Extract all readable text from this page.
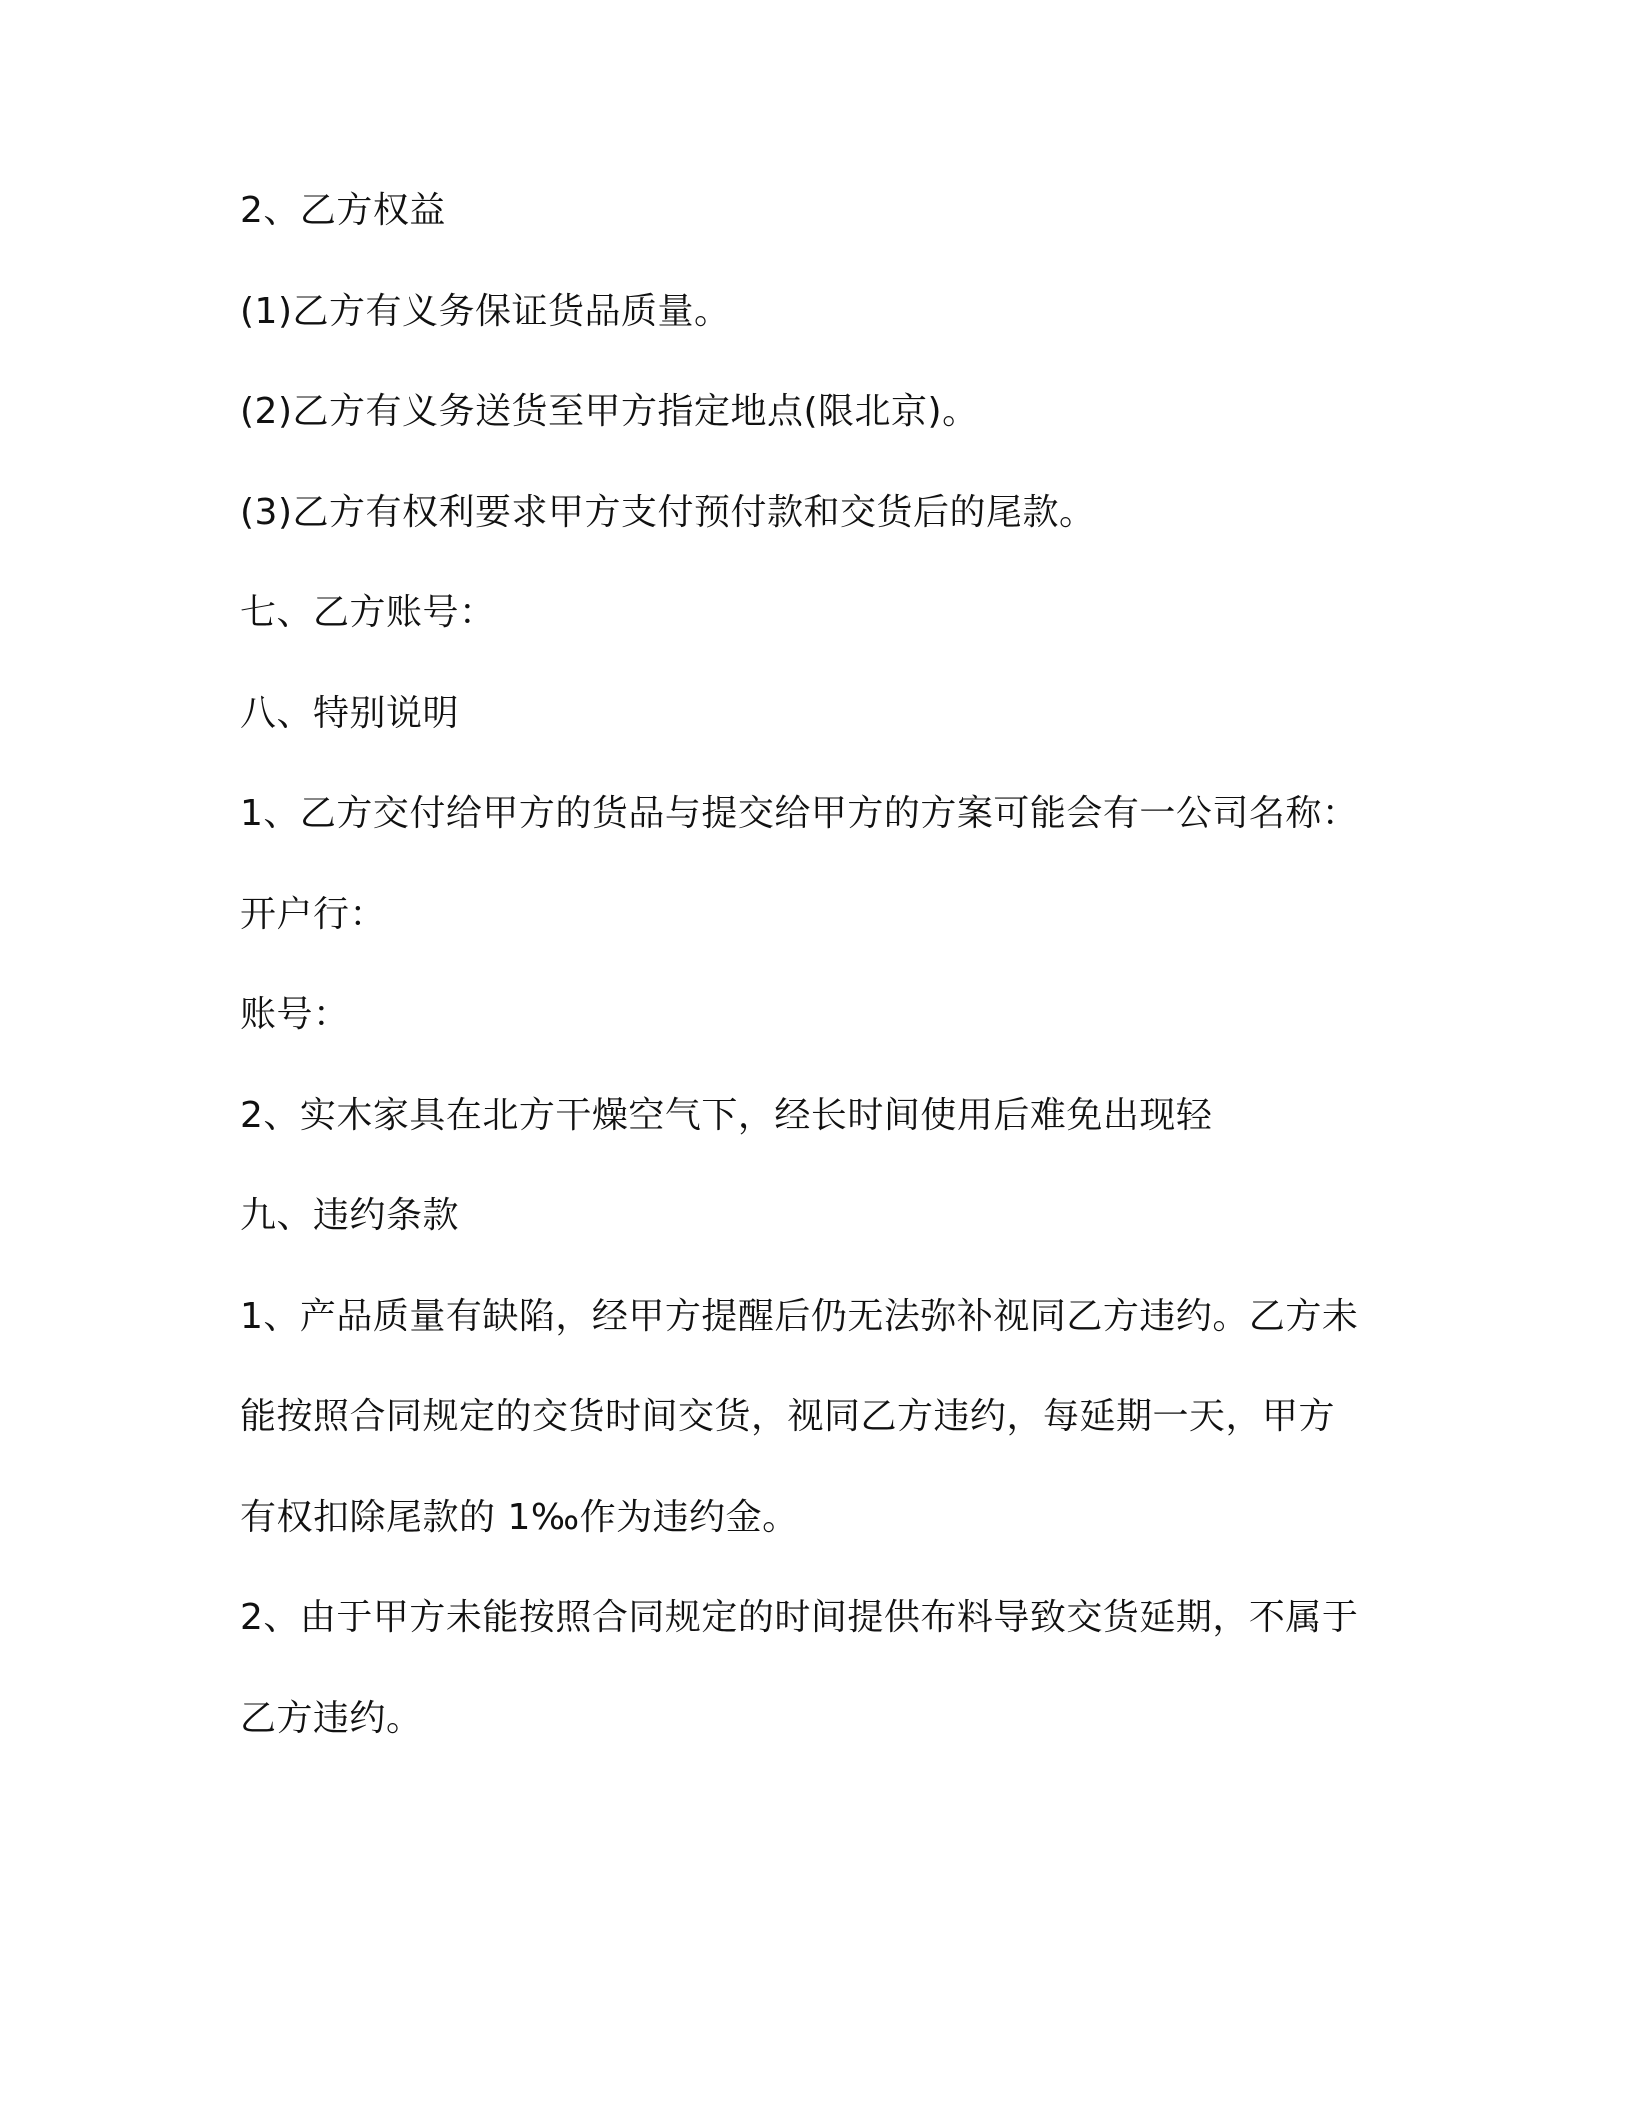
2、乙方权益
(1)乙方有义务保证货品质量。
(2)乙方有义务送货至甲方指定地点(限北京)。
(3)乙方有权利要求甲方支付预付款和交货后的尾款。
七、乙方账号：
八、特别说明
1、乙方交付给甲方的货品与提交给甲方的方案可能会有一公司名称：
开户行：
账号：
2、实木家具在北方干燥空气下，经长时间使用后难免出现轻
九、违约条款
1、产品质量有缺陷，经甲方提醒后仍无法弥补视同乙方违约。乙方未
能按照合同规定的交货时间交货，视同乙方违约，每延期一天，甲方
有权扣除尾款的 1‰作为违约金。
2、由于甲方未能按照合同规定的时间提供布料导致交货延期，不属于
乙方违约。
